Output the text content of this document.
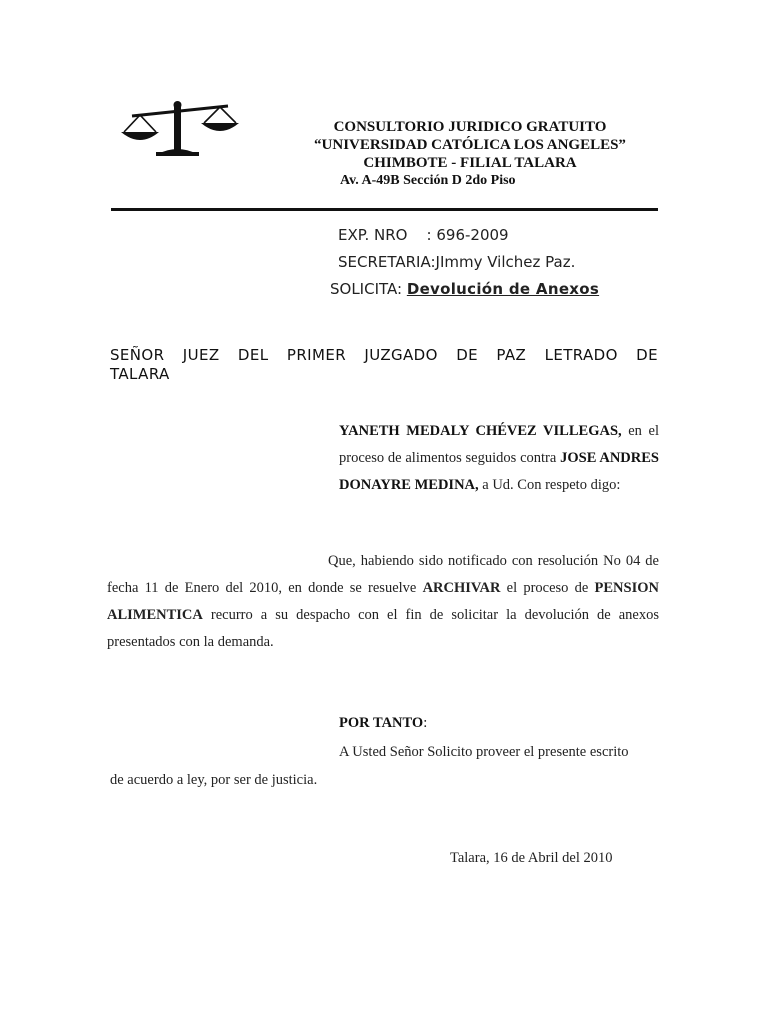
CONSULTORIO JURIDICO GRATUITO
“UNIVERSIDAD CATÓLICA LOS ANGELES”
CHIMBOTE - FILIAL TALARA
Av. A-49B Sección D 2do Piso
EXP. NRO : 696-2009
SECRETARIA:JImmy Vilchez Paz.
SOLICITA: Devolución de Anexos
SEÑOR JUEZ DEL PRIMER JUZGADO DE PAZ LETRADO DE TALARA
YANETH MEDALY CHÉVEZ VILLEGAS, en el proceso de alimentos seguidos contra JOSE ANDRES DONAYRE MEDINA, a Ud. Con respeto digo:
Que, habiendo sido notificado con resolución No 04 de fecha 11 de Enero del 2010, en donde se resuelve ARCHIVAR el proceso de PENSION ALIMENTICA recurro a su despacho con el fin de solicitar la devolución de anexos presentados con la demanda.
POR TANTO:
A Usted Señor Solicito proveer el presente escrito
de acuerdo a ley, por ser de justicia.
Talara, 16 de Abril del 2010
